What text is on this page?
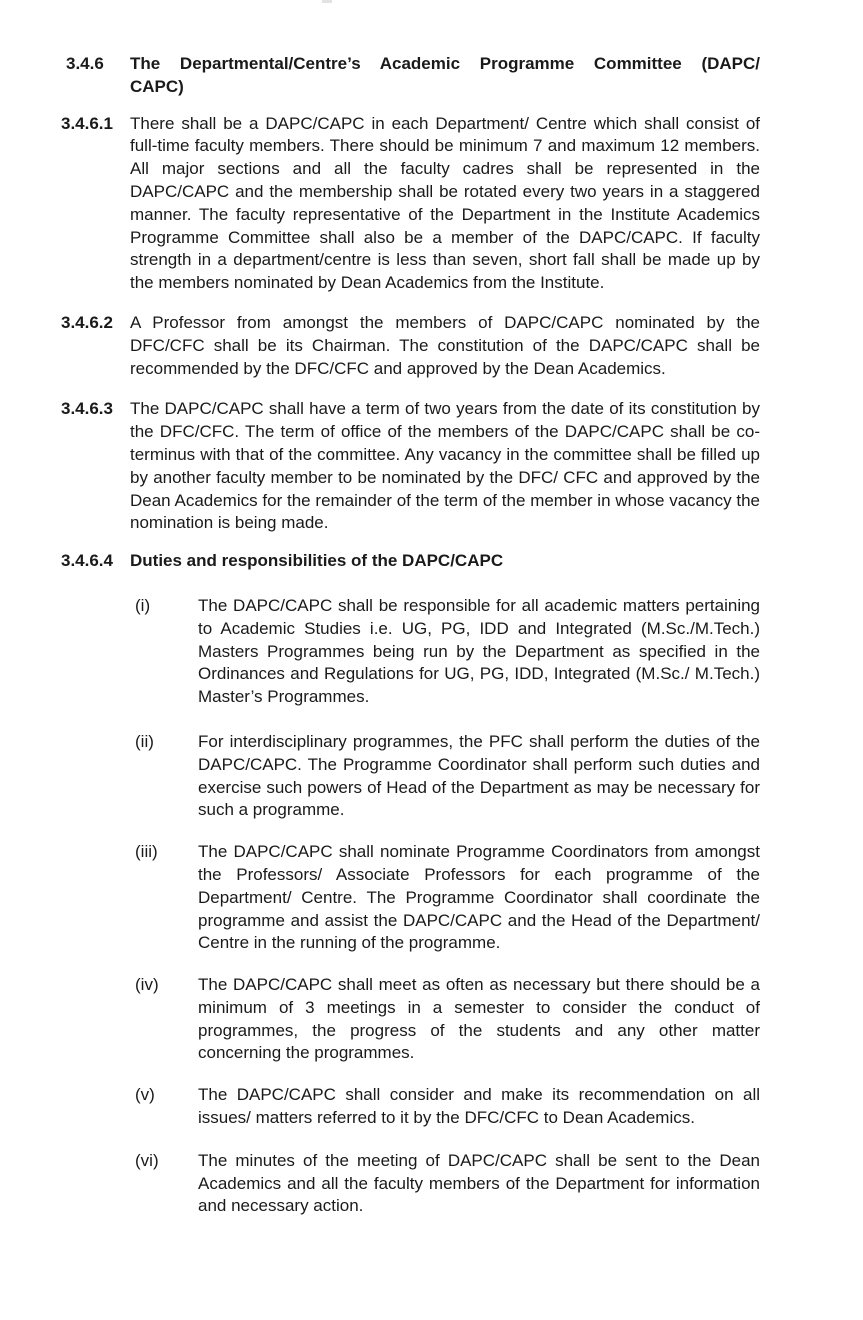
3.4.6 The Departmental/Centre’s Academic Programme Committee (DAPC/
CAPC)
3.4.6.1 There shall be a DAPC/CAPC in each Department/ Centre which shall consist of full-time faculty members. There should be minimum 7 and maximum 12 members. All major sections and all the faculty cadres shall be represented in the DAPC/CAPC and the membership shall be rotated every two years in a staggered manner. The faculty representative of the Department in the Institute Academics Programme Committee shall also be a member of the DAPC/CAPC. If faculty strength in a department/centre is less than seven, short fall shall be made up by the members nominated by Dean Academics from the Institute.
3.4.6.2 A Professor from amongst the members of DAPC/CAPC nominated by the DFC/CFC shall be its Chairman. The constitution of the DAPC/CAPC shall be recommended by the DFC/CFC and approved by the Dean Academics.
3.4.6.3 The DAPC/CAPC shall have a term of two years from the date of its constitution by the DFC/CFC. The term of office of the members of the DAPC/CAPC shall be co-terminus with that of the committee. Any vacancy in the committee shall be filled up by another faculty member to be nominated by the DFC/ CFC and approved by the Dean Academics for the remainder of the term of the member in whose vacancy the nomination is being made.
3.4.6.4 Duties and responsibilities of the DAPC/CAPC
(i)	The DAPC/CAPC shall be responsible for all academic matters pertaining to Academic Studies i.e. UG, PG, IDD and Integrated (M.Sc./M.Tech.) Masters Programmes being run by the Department as specified in the Ordinances and Regulations for UG, PG, IDD, Integrated (M.Sc./ M.Tech.) Master’s Programmes.
(ii)	For interdisciplinary programmes, the PFC shall perform the duties of the DAPC/CAPC. The Programme Coordinator shall perform such duties and exercise such powers of Head of the Department as may be necessary for such a programme.
(iii) The DAPC/CAPC shall nominate Programme Coordinators from amongst the Professors/ Associate Professors for each programme of the Department/ Centre. The Programme Coordinator shall coordinate the programme and assist the DAPC/CAPC and the Head of the Department/ Centre in the running of the programme.
(iv) The DAPC/CAPC shall meet as often as necessary but there should be a minimum of 3 meetings in a semester to consider the conduct of programmes, the progress of the students and any other matter concerning the programmes.
(v)	The DAPC/CAPC shall consider and make its recommendation on all issues/ matters referred to it by the DFC/CFC to Dean Academics.
(vi) The minutes of the meeting of DAPC/CAPC shall be sent to the Dean Academics and all the faculty members of the Department for information and necessary action.
